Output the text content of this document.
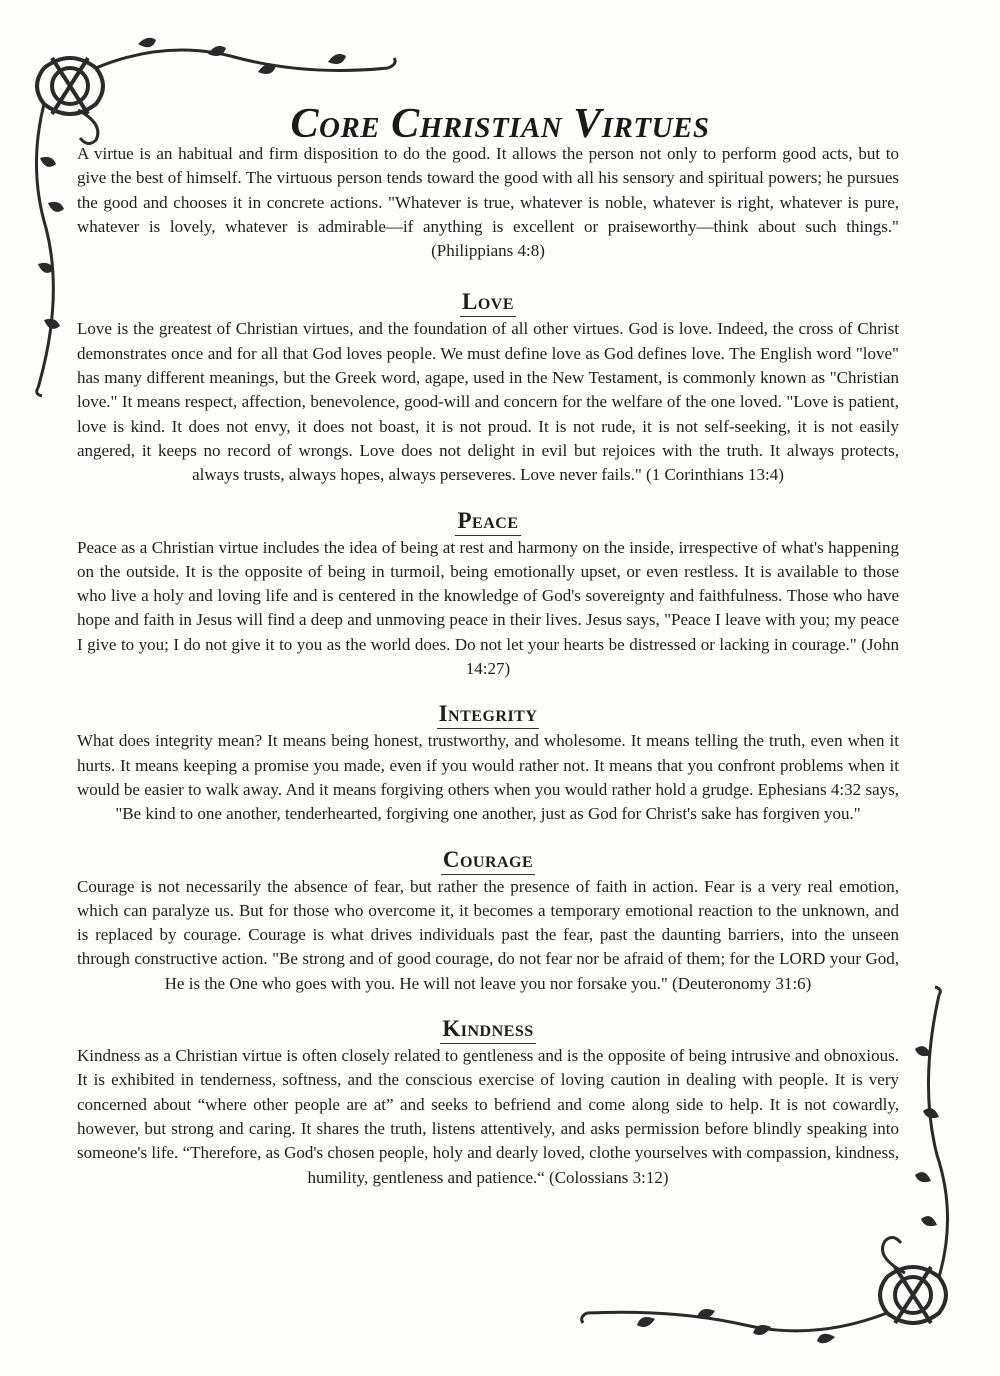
Core Christian Virtues

A virtue is an habitual and firm disposition to do the good. It allows the person not only to perform good acts, but to give the best of himself. The virtuous person tends toward the good with all his sensory and spiritual powers; he pursues the good and chooses it in concrete actions. "Whatever is true, whatever is noble, whatever is right, whatever is pure, whatever is lovely, whatever is admirable—if anything is excellent or praiseworthy—think about such things." (Philippians 4:8)

Love

Love is the greatest of Christian virtues, and the foundation of all other virtues. God is love. Indeed, the cross of Christ demonstrates once and for all that God loves people. We must define love as God defines love. The English word "love" has many different meanings, but the Greek word, agape, used in the New Testament, is commonly known as "Christian love." It means respect, affection, benevolence, good-will and concern for the welfare of the one loved. "Love is patient, love is kind. It does not envy, it does not boast, it is not proud. It is not rude, it is not self-seeking, it is not easily angered, it keeps no record of wrongs. Love does not delight in evil but rejoices with the truth. It always protects, always trusts, always hopes, always perseveres. Love never fails." (1 Corinthians 13:4)

Peace

Peace as a Christian virtue includes the idea of being at rest and harmony on the inside, irrespective of what's happening on the outside. It is the opposite of being in turmoil, being emotionally upset, or even restless. It is available to those who live a holy and loving life and is centered in the knowledge of God's sovereignty and faithfulness. Those who have hope and faith in Jesus will find a deep and unmoving peace in their lives. Jesus says, "Peace I leave with you; my peace I give to you; I do not give it to you as the world does. Do not let your hearts be distressed or lacking in courage." (John 14:27)

Integrity

What does integrity mean? It means being honest, trustworthy, and wholesome. It means telling the truth, even when it hurts. It means keeping a promise you made, even if you would rather not. It means that you confront problems when it would be easier to walk away. And it means forgiving others when you would rather hold a grudge. Ephesians 4:32 says, "Be kind to one another, tenderhearted, forgiving one another, just as God for Christ's sake has forgiven you."

Courage

Courage is not necessarily the absence of fear, but rather the presence of faith in action. Fear is a very real emotion, which can paralyze us. But for those who overcome it, it becomes a temporary emotional reaction to the unknown, and is replaced by courage. Courage is what drives individuals past the fear, past the daunting barriers, into the unseen through constructive action. "Be strong and of good courage, do not fear nor be afraid of them; for the LORD your God, He is the One who goes with you. He will not leave you nor forsake you." (Deuteronomy 31:6)

Kindness

Kindness as a Christian virtue is often closely related to gentleness and is the opposite of being intrusive and obnoxious. It is exhibited in tenderness, softness, and the conscious exercise of loving caution in dealing with people. It is very concerned about “where other people are at” and seeks to befriend and come along side to help. It is not cowardly, however, but strong and caring. It shares the truth, listens attentively, and asks permission before blindly speaking into someone's life. “Therefore, as God's chosen people, holy and dearly loved, clothe yourselves with compassion, kindness, humility, gentleness and patience.“ (Colossians 3:12)
